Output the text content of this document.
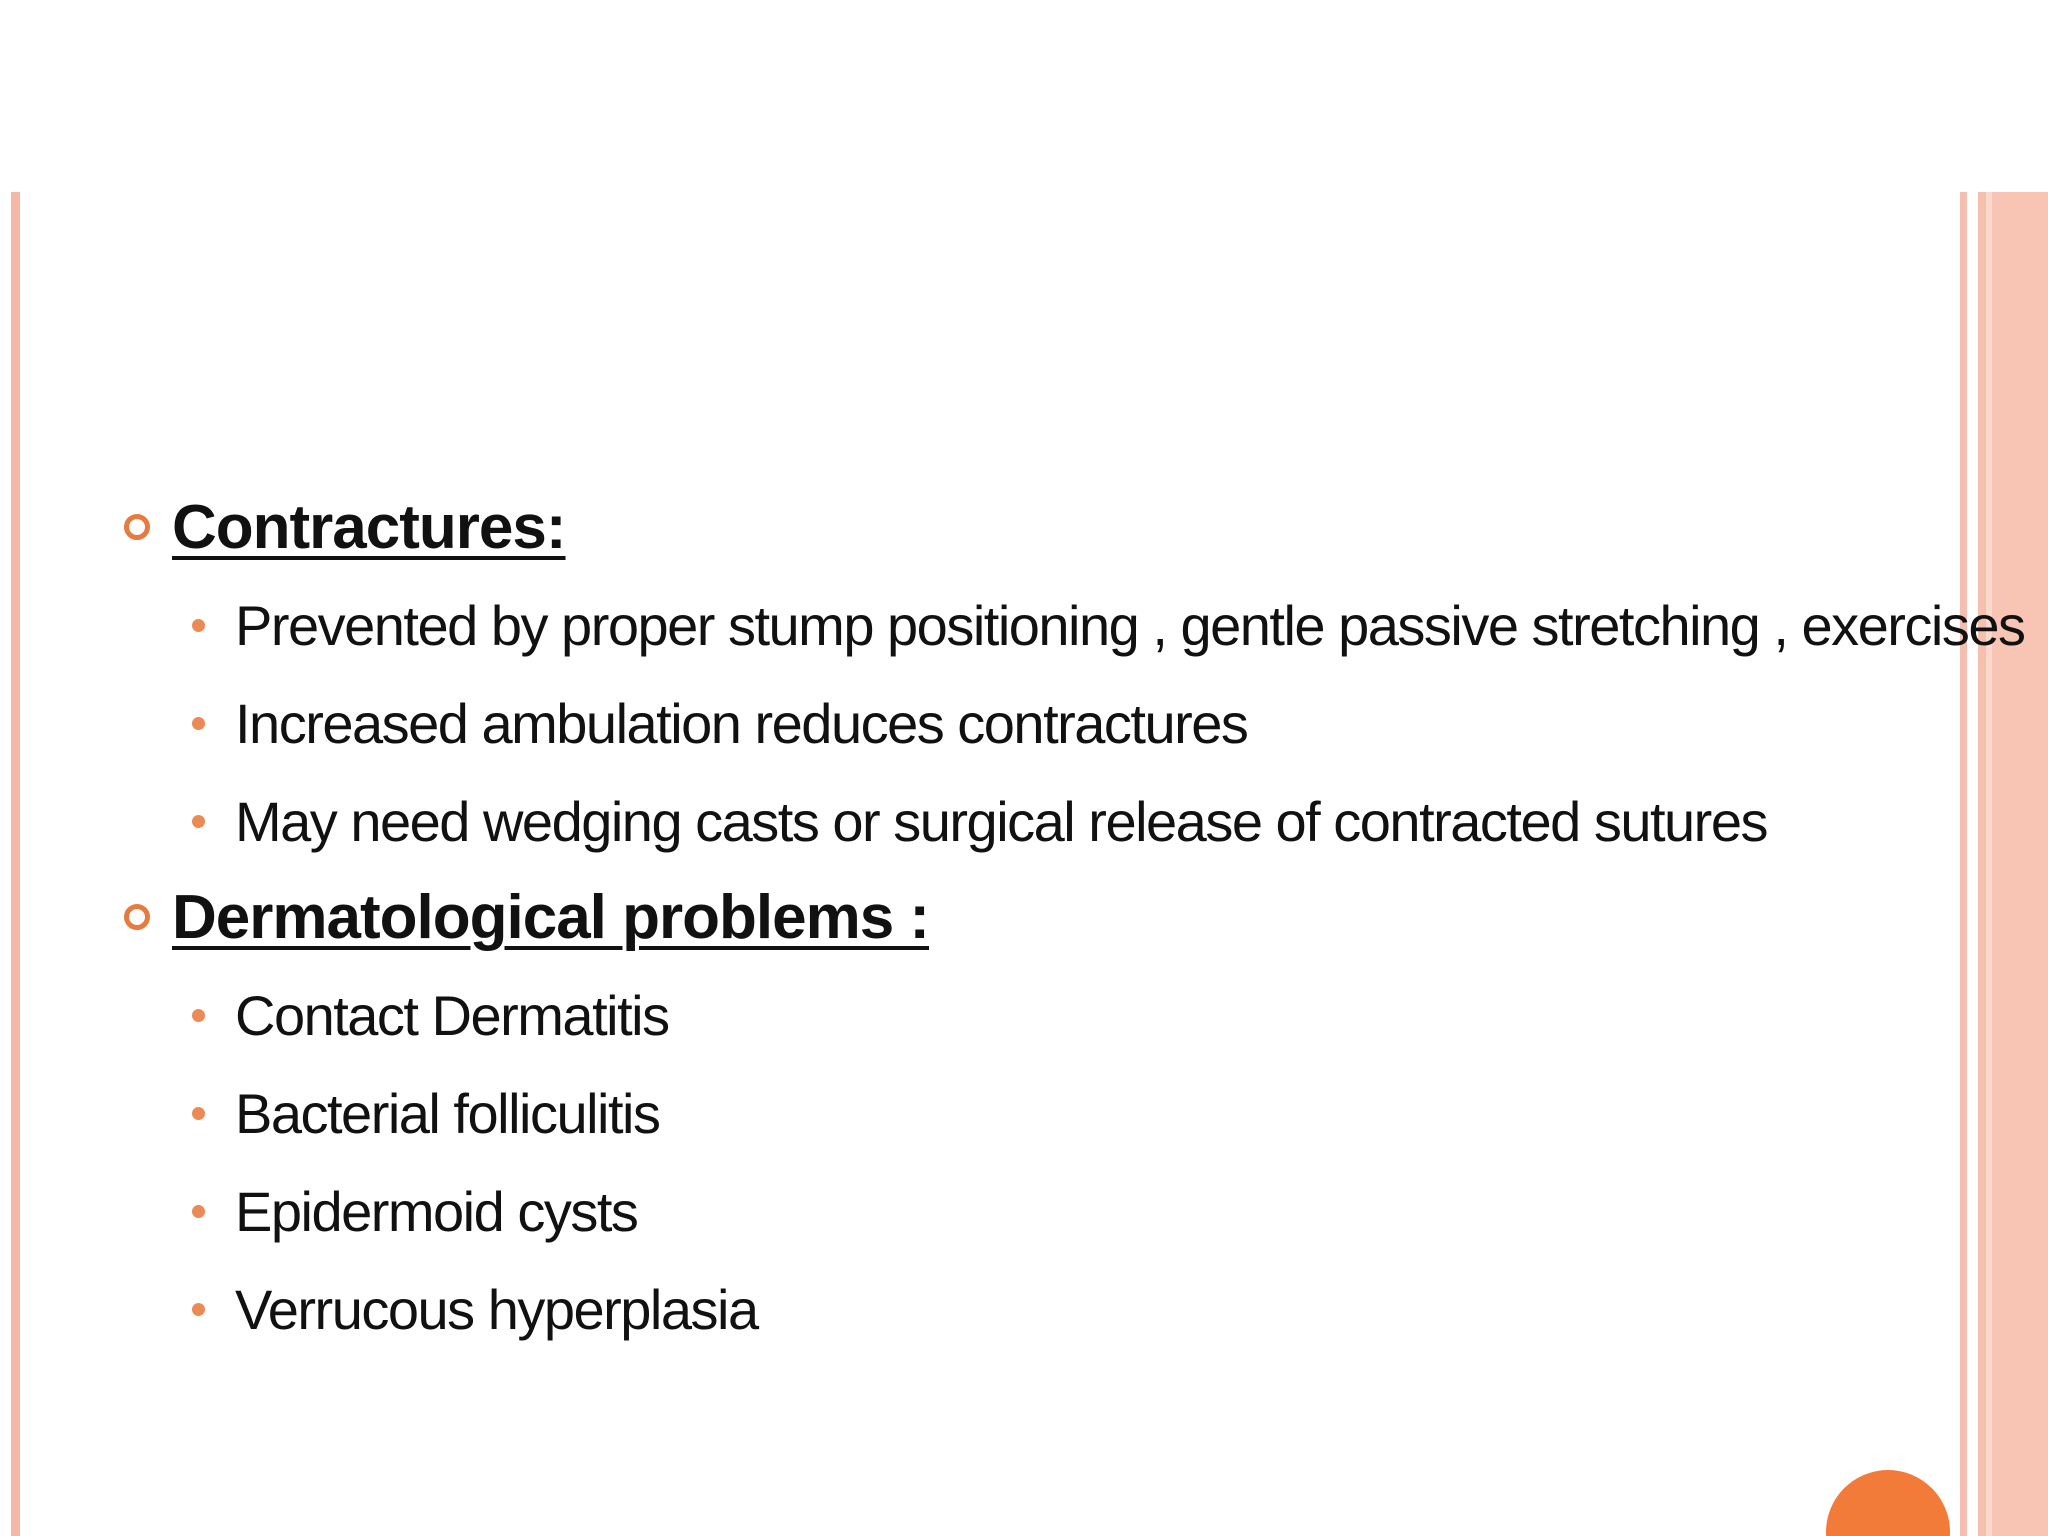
Contractures:
Prevented by proper stump positioning , gentle passive stretching , exercises
Increased ambulation reduces contractures
May need wedging casts or surgical release of contracted sutures
Dermatological problems :
Contact Dermatitis
Bacterial folliculitis
Epidermoid cysts
Verrucous hyperplasia
